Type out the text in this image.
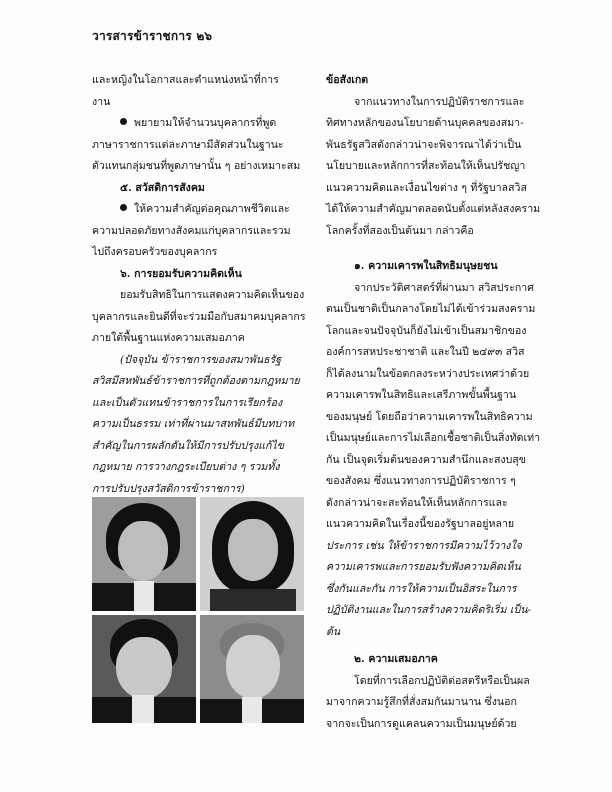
วารสารข้าราชการ ๒๖

และหญิงในโอกาสและตำแหน่งหน้าที่การ

งาน

พยายามให้จำนวนบุคลากรที่พูด

ภาษาราชการแต่ละภาษามีสัดส่วนในฐานะ

ตัวแทนกลุ่มชนที่พูดภาษานั้น ๆ อย่างเหมาะสม

๕. สวัสดิการสังคม

ให้ความสำคัญต่อคุณภาพชีวิตและ

ความปลอดภัยทางสังคมแก่บุคลากรและรวม

ไปถึงครอบครัวของบุคลากร

๖. การยอมรับความคิดเห็น

ยอมรับสิทธิในการแสดงความคิดเห็นของ

บุคลากรและยินดีที่จะร่วมมือกับสมาคมบุคลากร

ภายใต้พื้นฐานแห่งความเสมอภาค

(ปัจจุบัน ข้าราชการของสมาพันธรัฐ

สวิสมีสหพันธ์ข้าราชการที่ถูกต้องตามกฎหมาย

และเป็นตัวแทนข้าราชการในการเรียกร้อง

ความเป็นธรรม เท่าที่ผ่านมาสหพันธ์มีบทบาท

สำคัญในการผลักดันให้มีการปรับปรุงแก้ไข

กฎหมาย การวางกฎระเบียบต่าง ๆ รวมทั้ง

การปรับปรุงสวัสดิการข้าราชการ)

ข้อสังเกต

จากแนวทางในการปฏิบัติราชการและ

ทิศทางหลักของนโยบายด้านบุคคลของสมา-

พันธรัฐสวิสดังกล่าวน่าจะพิจารณาได้ว่าเป็น

นโยบายและหลักการที่สะท้อนให้เห็นปรัชญา

แนวความคิดและเงื่อนไขต่าง ๆ ที่รัฐบาลสวิส

ได้ให้ความสำคัญมาตลอดนับตั้งแต่หลังสงคราม

โลกครั้งที่สองเป็นต้นมา กล่าวคือ

๑. ความเคารพในสิทธิมนุษยชน

จากประวัติศาสตร์ที่ผ่านมา สวิสประกาศ

ตนเป็นชาติเป็นกลางโดยไม่ได้เข้าร่วมสงคราม

โลกและจนปัจจุบันก็ยังไม่เข้าเป็นสมาชิกของ

องค์การสหประชาชาติ และในปี ๒๔๙๓ สวิส

ก็ได้ลงนามในข้อตกลงระหว่างประเทศว่าด้วย

ความเคารพในสิทธิและเสรีภาพขั้นพื้นฐาน

ของมนุษย์ โดยถือว่าความเคารพในสิทธิความ

เป็นมนุษย์และการไม่เลือกเชื้อชาติเป็นสิ่งทัดเท่า

กัน เป็นจุดเริ่มต้นของความสำนึกและสงบสุข

ของสังคม ซึ่งแนวทางการปฏิบัติราชการ ๆ

ดังกล่าวน่าจะสะท้อนให้เห็นหลักการและ

แนวความคิดในเรื่องนี้ของรัฐบาลอยู่หลาย

ประการ เช่น ให้ข้าราชการมีความไว้วางใจ

ความเคารพและการยอมรับฟังความคิดเห็น

ซึ่งกันและกัน การให้ความเป็นอิสระในการ

ปฏิบัติงานและในการสร้างความคิดริเริ่ม เป็น-

ต้น

๒. ความเสมอภาค

โดยที่การเลือกปฏิบัติต่อสตรีหรือเป็นผล

มาจากความรู้สึกที่สั่งสมกันมานาน ซึ่งนอก

จากจะเป็นการดูแคลนความเป็นมนุษย์ด้วย
